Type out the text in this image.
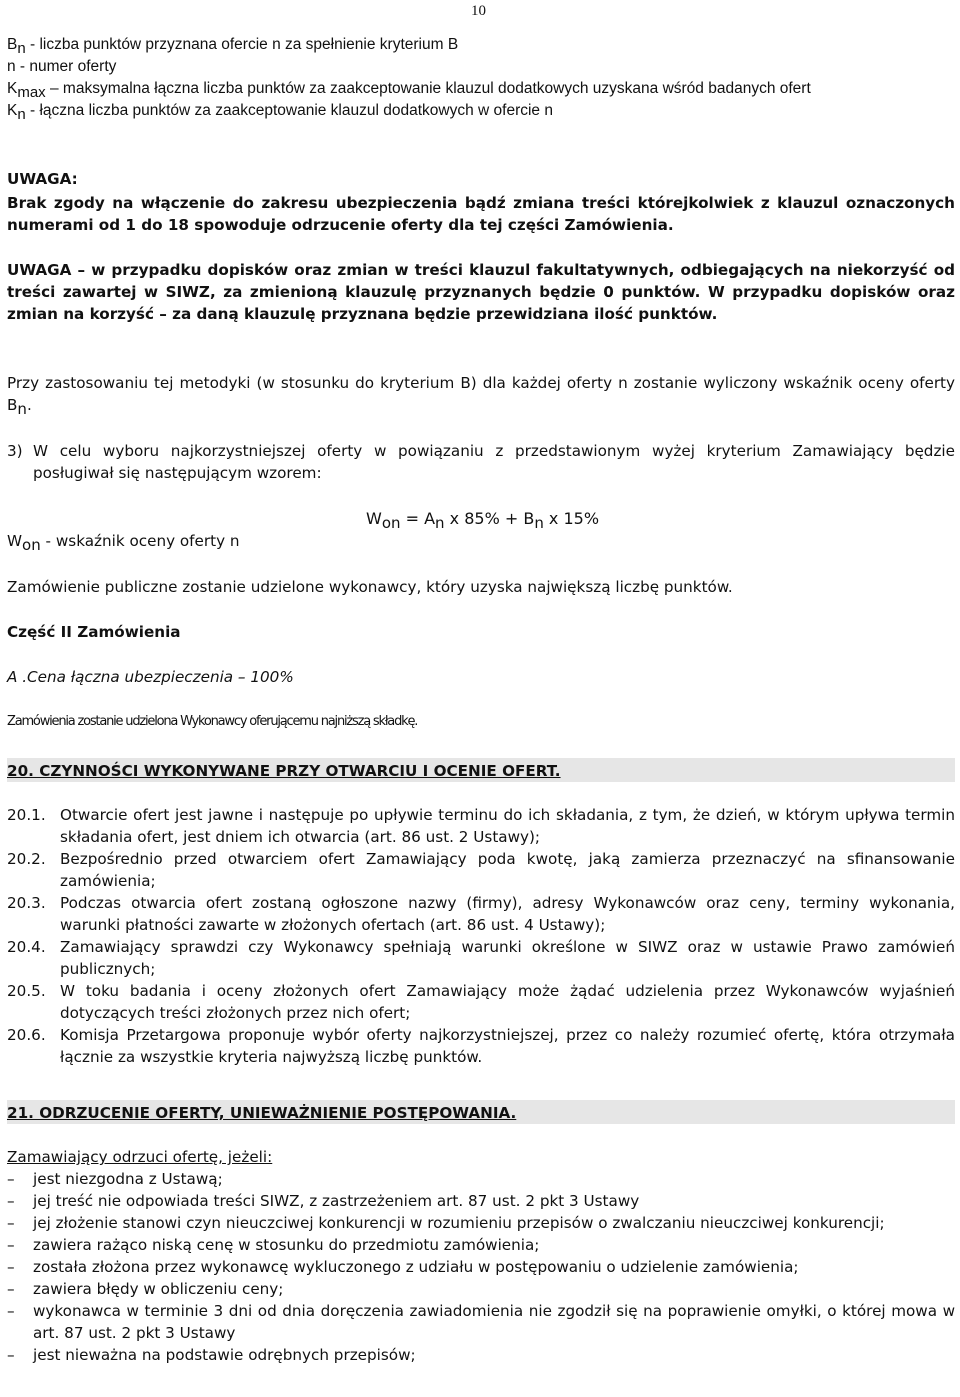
10

$B_n$ - liczba punktów przyznana ofercie n za spełnienie kryterium B

n - numer oferty

$K_{max}$ – maksymalna łączna liczba punktów za zaakceptowanie klauzul dodatkowych uzyskana wśród badanych ofert

$K_n$ - łączna liczba punktów za zaakceptowanie klauzul dodatkowych w ofercie n

UWAGA:

Brak zgody na włączenie do zakresu ubezpieczenia bądź zmiana treści którejkolwiek z klauzul oznaczonych numerami od 1 do 18 spowoduje odrzucenie oferty dla tej części Zamówienia.

UWAGA – w przypadku dopisków oraz zmian w treści klauzul fakultatywnych, odbiegających na niekorzyść od treści zawartej w SIWZ, za zmienioną klauzulę przyznanych będzie 0 punktów. W przypadku dopisków oraz zmian na korzyść – za daną klauzulę przyznana będzie przewidziana ilość punktów.

Przy zastosowaniu tej metodyki (w stosunku do kryterium B) dla każdej oferty n zostanie wyliczony wskaźnik oceny oferty $B_n$.

3) W celu wyboru najkorzystniejszej oferty w powiązaniu z przedstawionym wyżej kryterium Zamawiający będzie posługiwał się następującym wzorem:

$W_{on} = A_n$ x $85\% + B_n$ x 15%
$W_{on}$ - wskaźnik oceny oferty n

Zamówienie publiczne zostanie udzielone wykonawcy, który uzyska największą liczbę punktów.

Część II Zamówienia

A .Cena łączna ubezpieczenia – 100%

Zamówienia zostanie udzielona Wykonawcy oferującemu najniższą składkę.

20. CZYNNOŚCI WYKONYWANE PRZY OTWARCIU I OCENIE OFERT.

20.1. Otwarcie ofert jest jawne i następuje po upływie terminu do ich składania, z tym, że dzień, w którym upływa termin składania ofert, jest dniem ich otwarcia (art. 86 ust. 2 Ustawy);
20.2. Bezpośrednio przed otwarciem ofert Zamawiający poda kwotę, jaką zamierza przeznaczyć na sfinansowanie zamówienia;
20.3. Podczas otwarcia ofert zostaną ogłoszone nazwy (firmy), adresy Wykonawców oraz ceny, terminy wykonania, warunki płatności zawarte w złożonych ofertach (art. 86 ust. 4 Ustawy);
20.4. Zamawiający sprawdzi czy Wykonawcy spełniają warunki określone w SIWZ oraz w ustawie Prawo zamówień publicznych;
20.5. W toku badania i oceny złożonych ofert Zamawiający może żądać udzielenia przez Wykonawców wyjaśnień dotyczących treści złożonych przez nich ofert;
20.6. Komisja Przetargowa proponuje wybór oferty najkorzystniejszej, przez co należy rozumieć ofertę, która otrzymała łącznie za wszystkie kryteria najwyższą liczbę punktów.

21. ODRZUCENIE OFERTY, UNIEWAŻNIENIE POSTĘPOWANIA.

Zamawiający odrzuci ofertę, jeżeli:

–	jest niezgodna z Ustawą;
–	jej treść nie odpowiada treści SIWZ, z zastrzeżeniem art. 87 ust. 2 pkt 3 Ustawy
–	jej złożenie stanowi czyn nieuczciwej konkurencji w rozumieniu przepisów o zwalczaniu nieuczciwej konkurencji;
–	zawiera rażąco niską cenę w stosunku do przedmiotu zamówienia;
–	została złożona przez wykonawcę wykluczonego z udziału w postępowaniu o udzielenie zamówienia;
–	zawiera błędy w obliczeniu ceny;
–	wykonawca w terminie 3 dni od dnia doręczenia zawiadomienia nie zgodził się na poprawienie omyłki, o której mowa w art. 87 ust. 2 pkt 3 Ustawy
–	jest nieważna na podstawie odrębnych przepisów;
